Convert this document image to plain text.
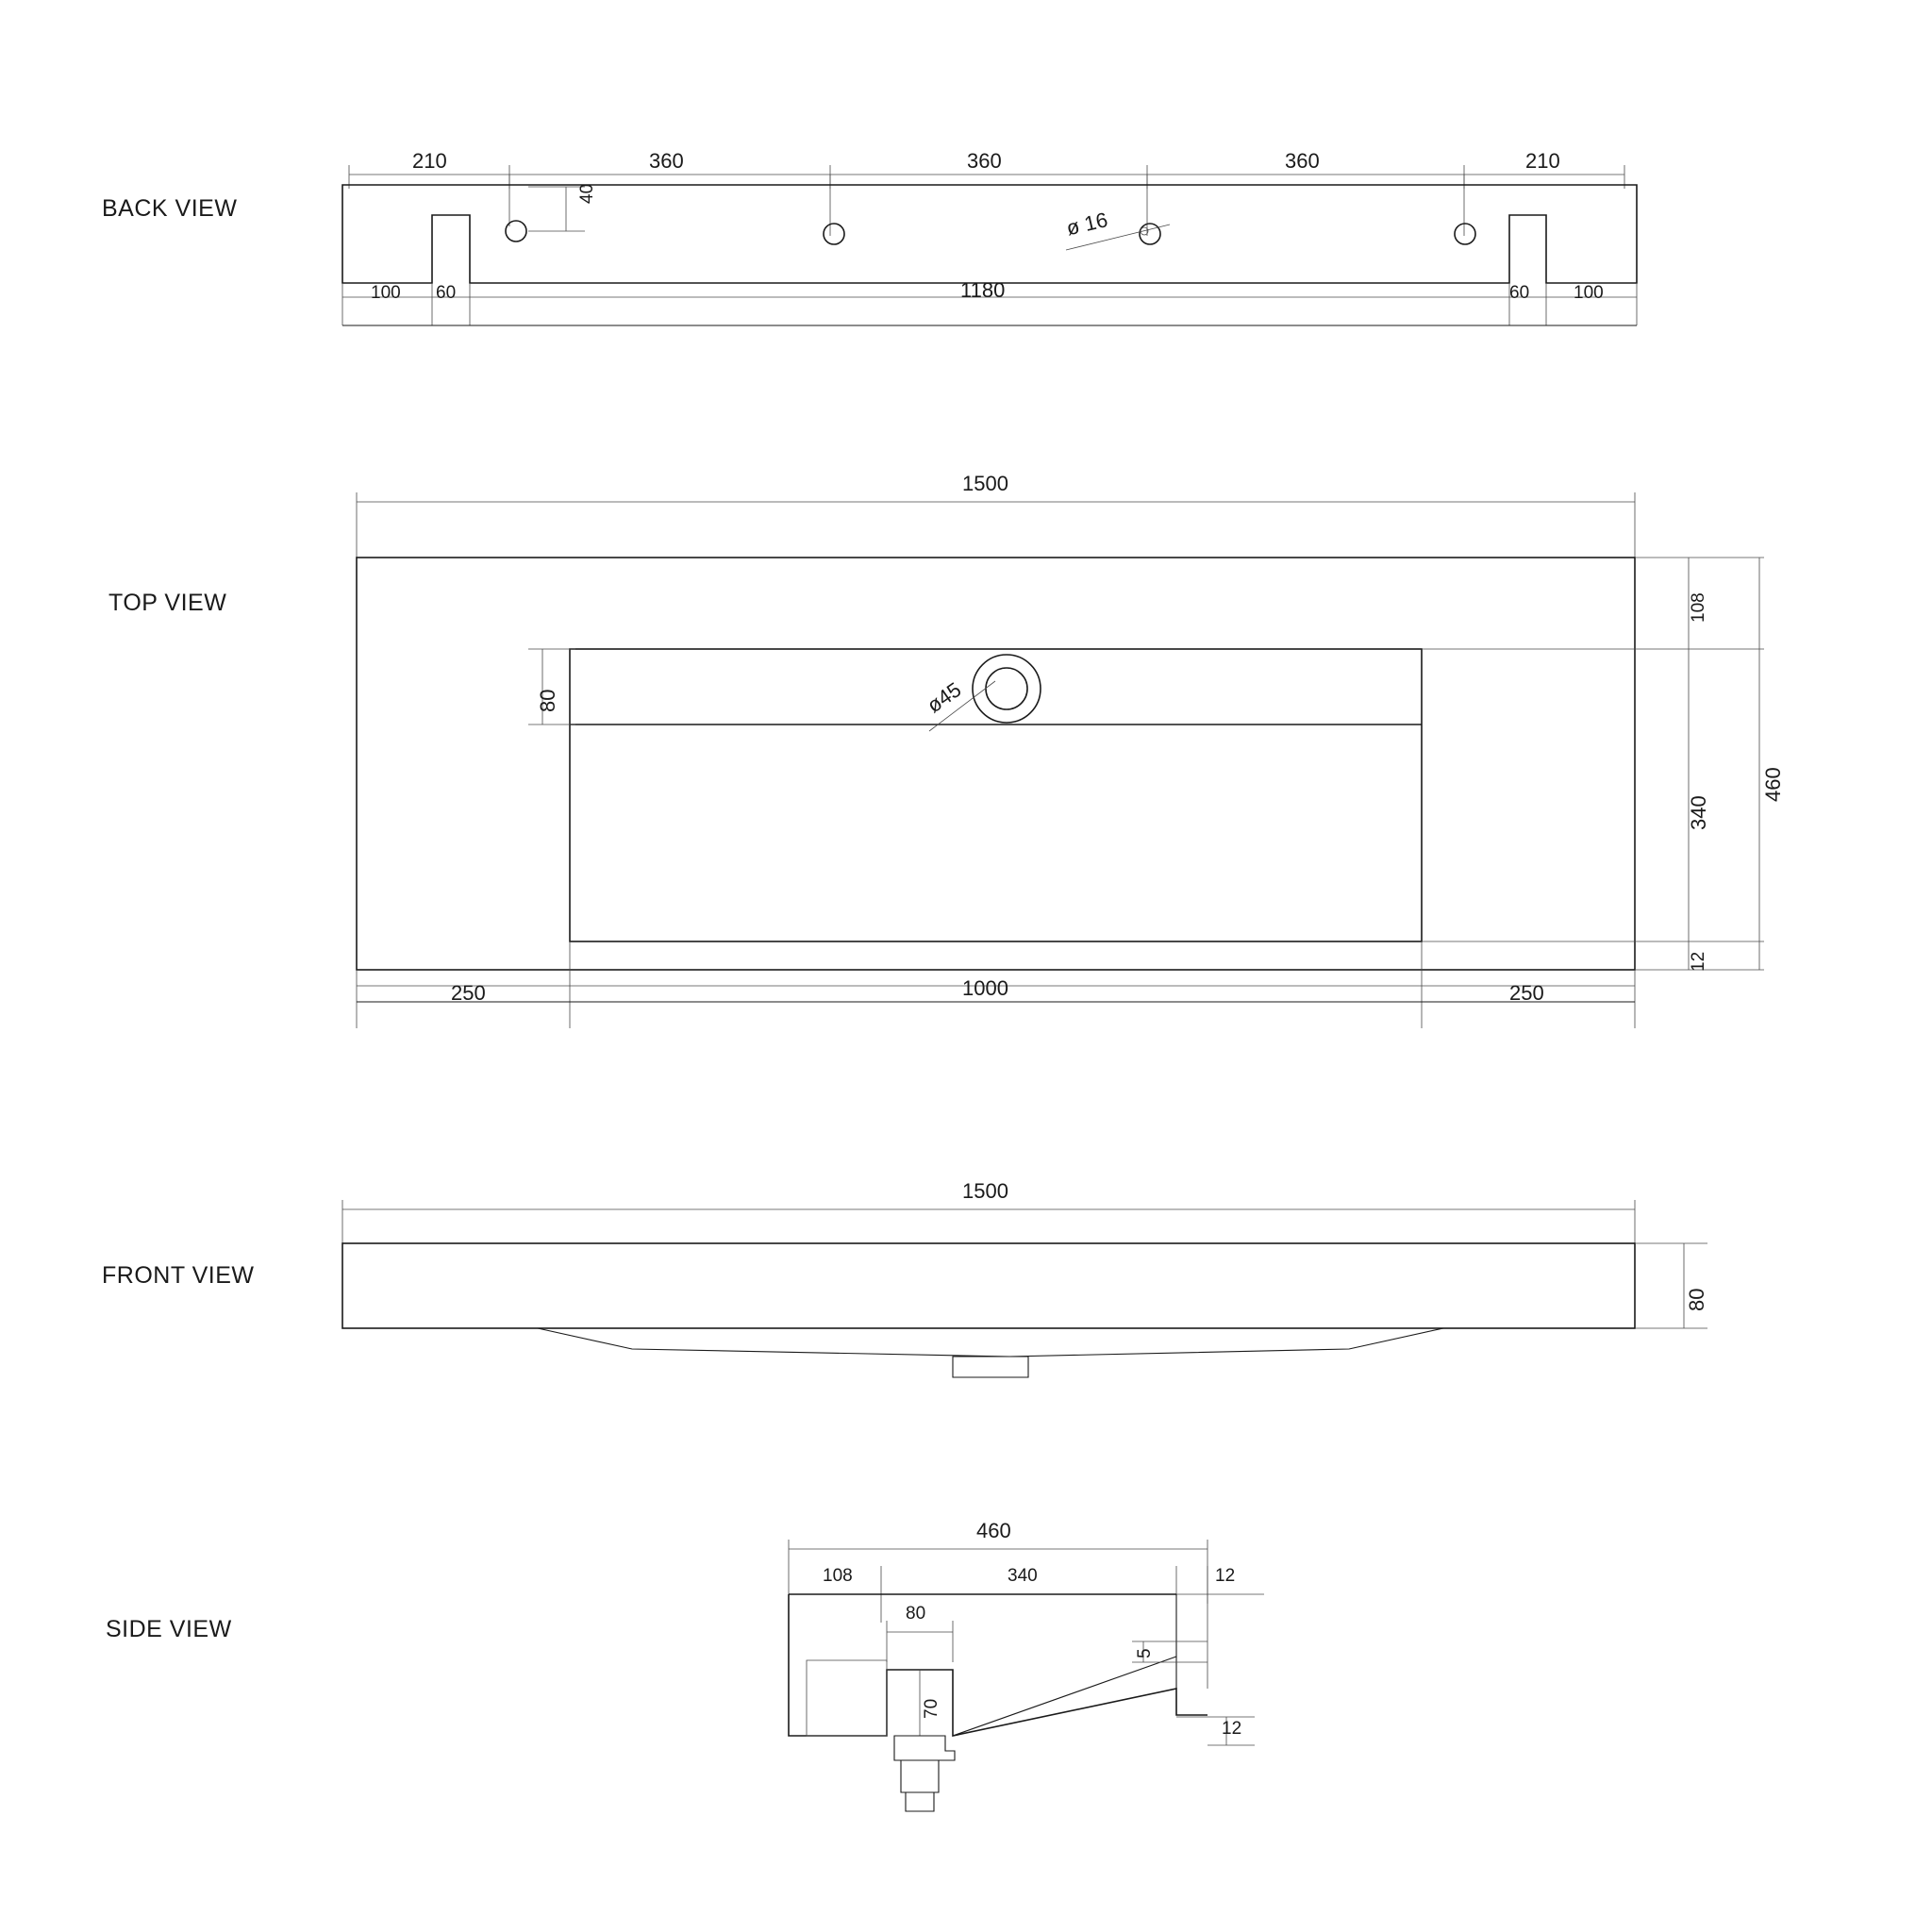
BACK VIEW
TOP VIEW
FRONT VIEW
SIDE VIEW
210	360	360	360	210
40
ø 16
100 60	1180	60 100
1500
108
340
12
460
80	ø45
250	1000	250
1500
80
460
108	340	12
80
70
5
12
